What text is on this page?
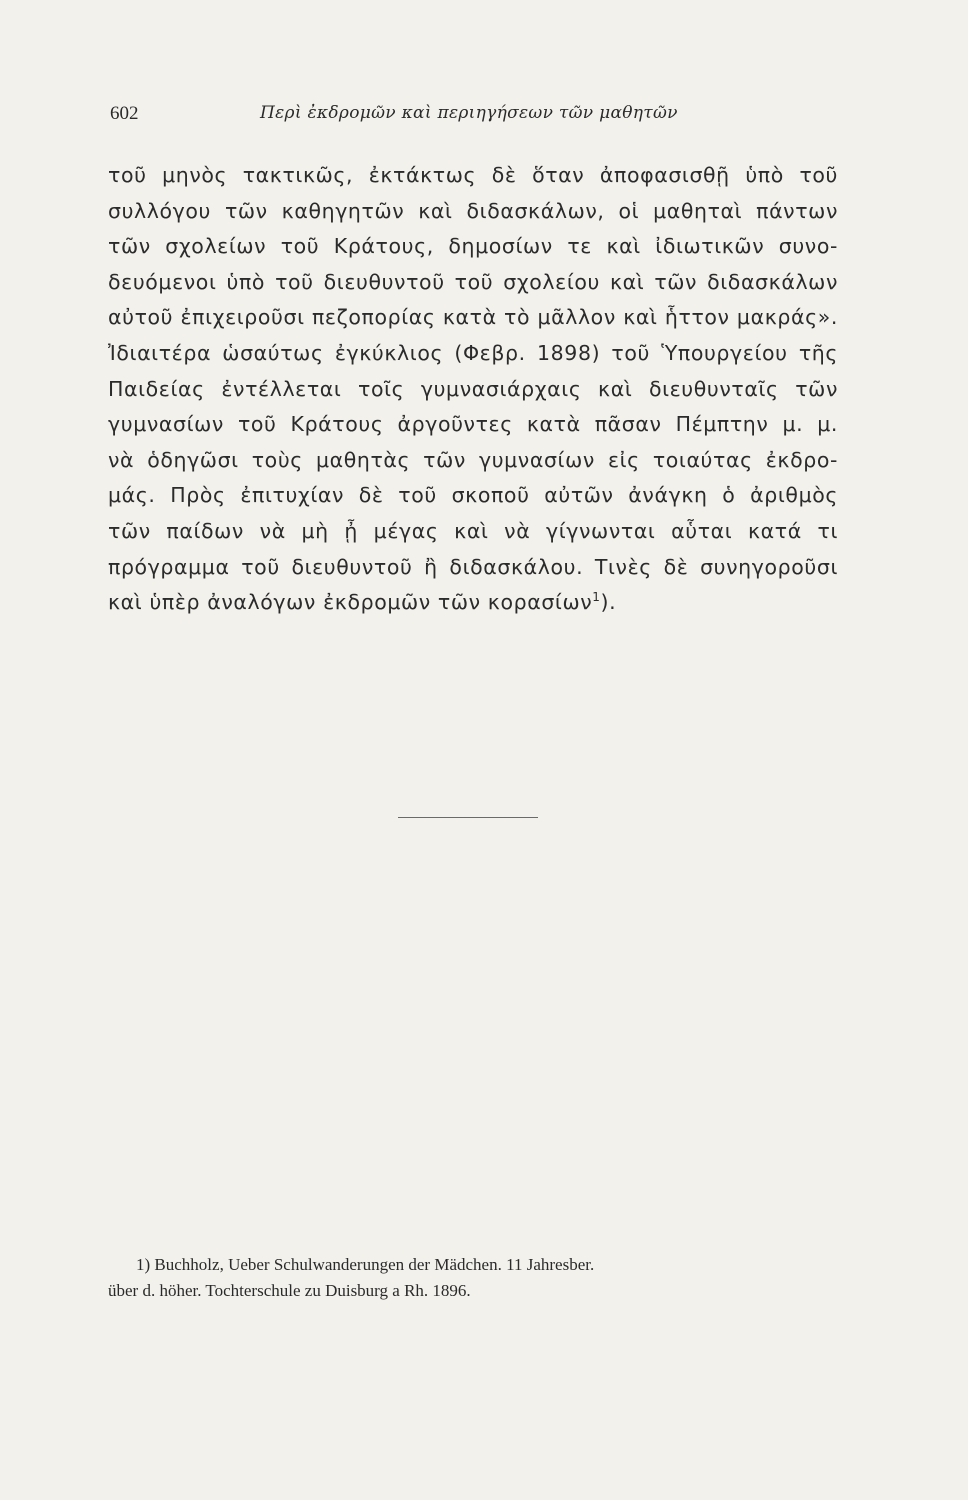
602	Περὶ ἐκδρομῶν καὶ περιηγήσεων τῶν μαθητῶν
τοῦ μηνὸς τακτικῶς, ἐκτάκτως δὲ ὅταν ἀποφασισθῇ ὑπὸ τοῦ
συλλόγου τῶν καθηγητῶν καὶ διδασκάλων, οἱ μαθηταὶ πάντων
τῶν σχολείων τοῦ Κράτους, δημοσίων τε καὶ ἰδιωτικῶν συνο-
δευόμενοι ὑπὸ τοῦ διευθυντοῦ τοῦ σχολείου καὶ τῶν διδασκάλων
αὐτοῦ ἐπιχειροῦσι πεζοπορίας κατὰ τὸ μᾶλλον καὶ ἧττον μακράς».
Ἰδιαιτέρα ὡσαύτως ἐγκύκλιος (Φεβρ. 1898) τοῦ Ὑπουργείου τῆς
Παιδείας ἐντέλλεται τοῖς γυμνασιάρχαις καὶ διευθυνταῖς τῶν
γυμνασίων τοῦ Κράτους ἀργοῦντες κατὰ πᾶσαν Πέμπτην μ. μ.
νὰ ὁδηγῶσι τοὺς μαθητὰς τῶν γυμνασίων εἰς τοιαύτας ἐκδρο-
μάς. Πρὸς ἐπιτυχίαν δὲ τοῦ σκοποῦ αὐτῶν ἀνάγκη ὁ ἀριθμὸς
τῶν παίδων νὰ μὴ ᾖ μέγας καὶ νὰ γίγνωνται αὗται κατά τι
πρόγραμμα τοῦ διευθυντοῦ ἢ διδασκάλου. Τινὲς δὲ συνηγοροῦσι
καὶ ὑπὲρ ἀναλόγων ἐκδρομῶν τῶν κορασίων$^1$).
1) Buchholz, Ueber Schulwanderungen der Mädchen. 11 Jahresber.
über d. höher. Tochterschule zu Duisburg a Rh. 1896.
